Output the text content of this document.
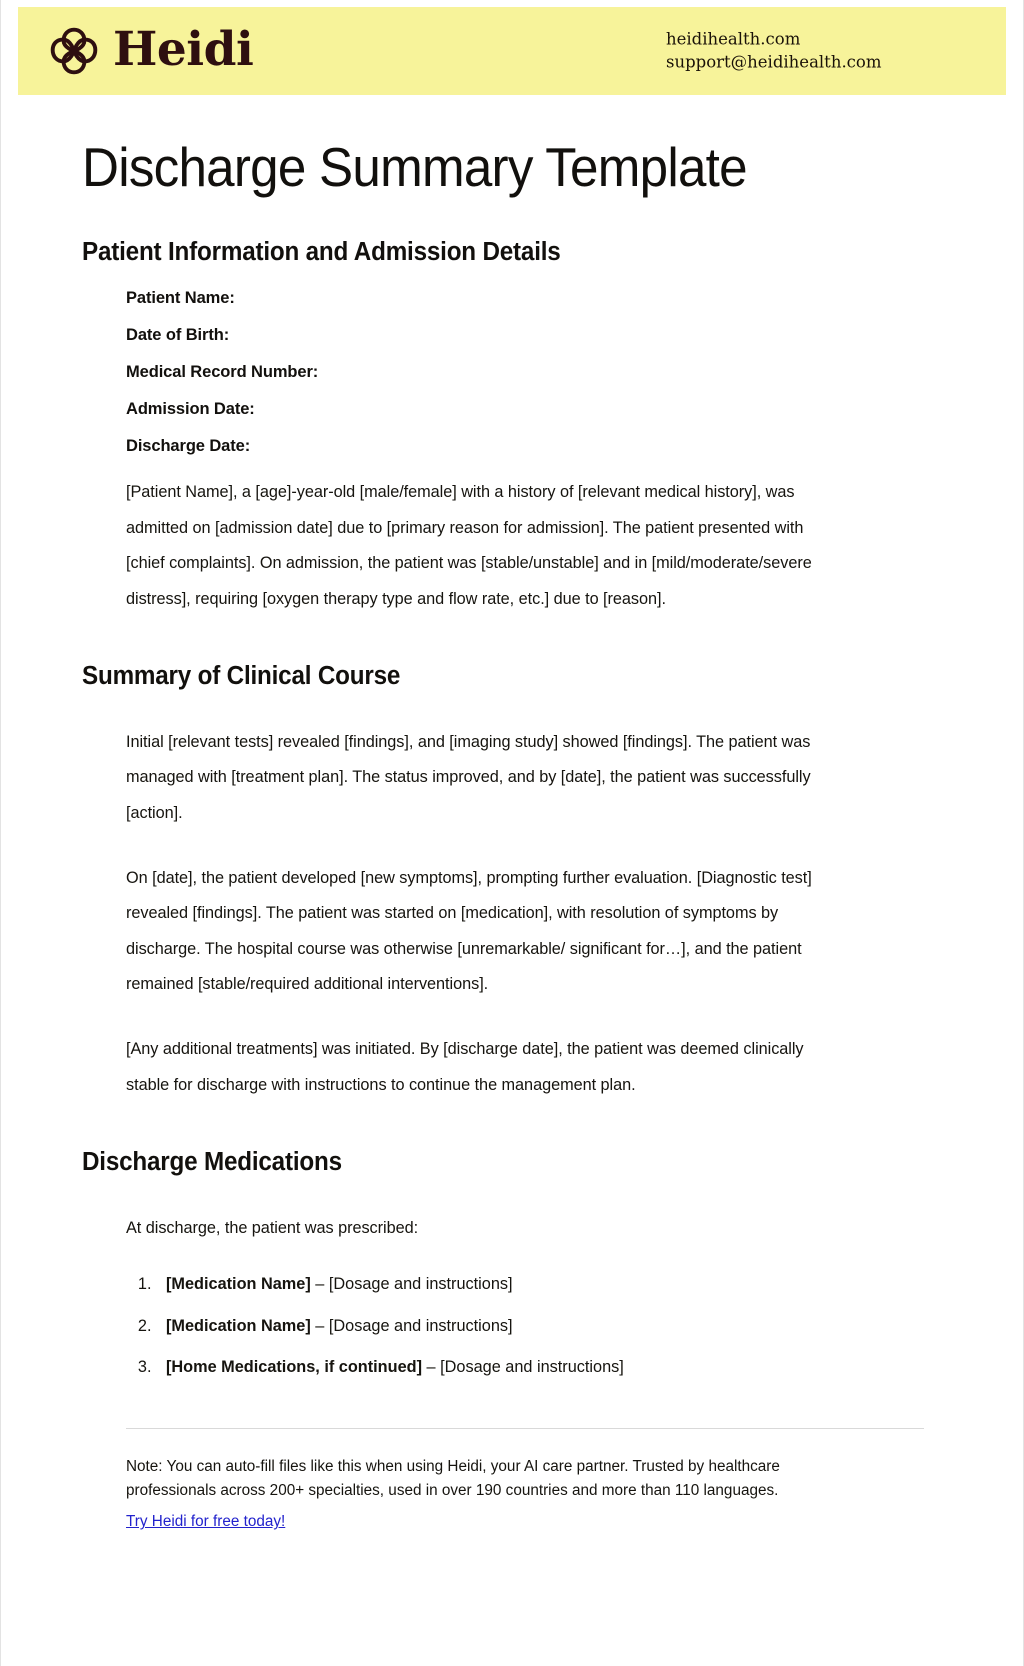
Heidi	heidihealth.com
support@heidihealth.com
Discharge Summary Template
Patient Information and Admission Details
Patient Name:
Date of Birth:
Medical Record Number:
Admission Date:
Discharge Date:

[Patient Name], a [age]-year-old [male/female] with a history of [relevant medical history], was admitted on [admission date] due to [primary reason for admission]. The patient presented with [chief complaints]. On admission, the patient was [stable/unstable] and in [mild/moderate/severe distress], requiring [oxygen therapy type and flow rate, etc.] due to [reason].

Summary of Clinical Course

Initial [relevant tests] revealed [findings], and [imaging study] showed [findings]. The patient was managed with [treatment plan]. The status improved, and by [date], the patient was successfully [action].

On [date], the patient developed [new symptoms], prompting further evaluation. [Diagnostic test] revealed [findings]. The patient was started on [medication], with resolution of symptoms by discharge. The hospital course was otherwise [unremarkable/ significant for…], and the patient remained [stable/required additional interventions].

[Any additional treatments] was initiated. By [discharge date], the patient was deemed clinically stable for discharge with instructions to continue the management plan.

Discharge Medications

At discharge, the patient was prescribed:

1. [Medication Name] – [Dosage and instructions]
2. [Medication Name] – [Dosage and instructions]
3. [Home Medications, if continued] – [Dosage and instructions]

Note: You can auto-fill files like this when using Heidi, your AI care partner. Trusted by healthcare professionals across 200+ specialties, used in over 190 countries and more than 110 languages.

Try Heidi for free today!
